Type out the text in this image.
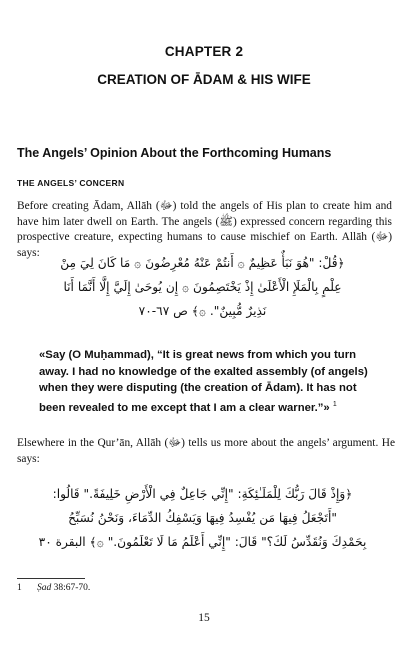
CHAPTER 2
CREATION OF ĀDAM & HIS WIFE
The Angels’ Opinion About the Forthcoming Humans
THE ANGELS’ CONCERN
Before creating Ādam, Allāh (ﷻ) told the angels of His plan to create him and have him later dwell on Earth. The angels (ﷺ) expressed concern regarding this prospective creature, expecting humans to cause mischief on Earth. Allāh (ﷻ) says:
﴿قُلْ: "هُوَ نَبَأٌ عَظِيمٌ ۞ أَنتُمْ عَنْهُ مُعْرِضُونَ ۞ مَا كَانَ لِيَ مِنْ
عِلْمٍ بِالْمَلَإِ الْأَعْلَىٰ إِذْ يَخْتَصِمُونَ ۞ إِن يُوحَىٰ إِلَيَّ إِلَّا أَنَّمَا أَنَا
نَذِيرٌ مُّبِينٌ". ۞﴾ ص ٦٧-٧٠
«Say (O Muḥammad), “It is great news from which you turn away. I had no knowledge of the exalted assembly (of angels) when they were disputing (the creation of Ādam). It has not been revealed to me except that I am a clear warner.”» $^1$
Elsewhere in the Qur’ān, Allāh (ﷻ) tells us more about the angels’ argument. He says:
﴿وَإِذْ قَالَ رَبُّكَ لِلْمَلَـٰئِكَةِ: "إِنِّي جَاعِلٌ فِي الْأَرْضِ خَلِيفَةً." قَالُوا:
"أَتَجْعَلُ فِيهَا مَن يُفْسِدُ فِيهَا وَيَسْفِكُ الدِّمَاءَ، وَنَحْنُ نُسَبِّحُ
بِحَمْدِكَ وَنُقَدِّسُ لَكَ؟" قَالَ: "إِنِّي أَعْلَمُ مَا لَا تَعْلَمُونَ." ۞﴾ البقرة ٣٠
1 Ṣad 38:67-70.
15
